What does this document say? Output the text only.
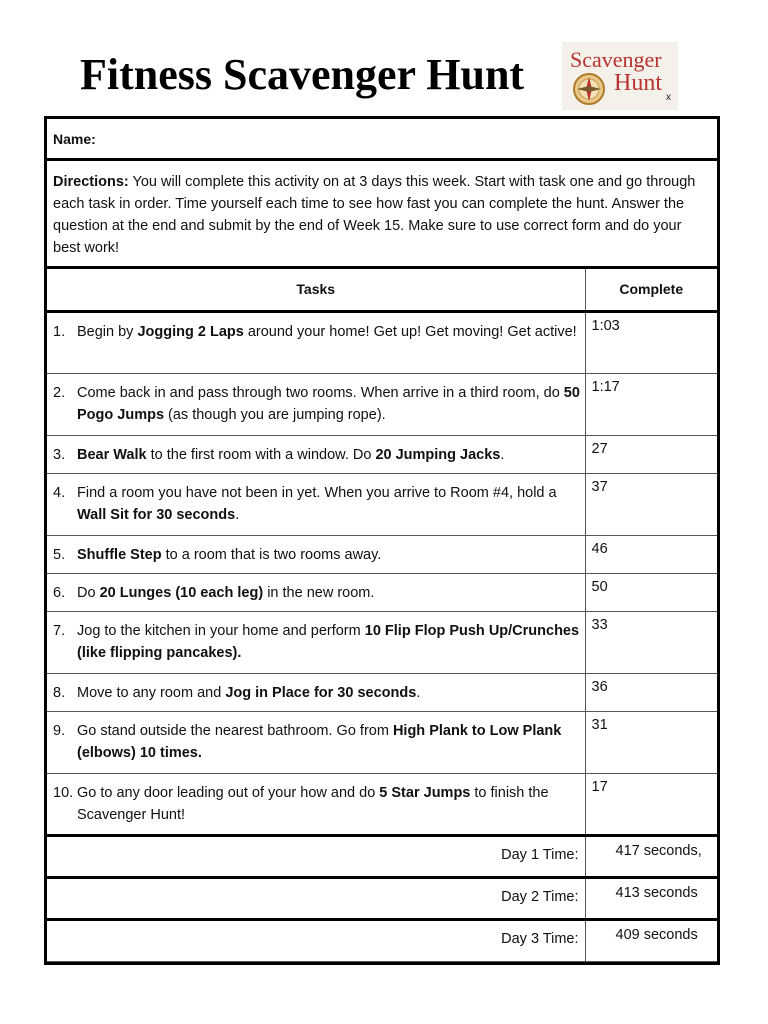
Fitness Scavenger Hunt Scavenger
Hunt
x
Name:
Directions: You will complete this activity on at 3 days this week. Start with task one and go through each task in order. Time yourself each time to see how fast you can complete the hunt. Answer the question at the end and submit by the end of Week 15. Make sure to use correct form and do your best work!
Tasks	Complete

1. Begin by Jogging 2 Laps around your home! Get up! Get moving! Get active!	1:03

2. Come back in and pass through two rooms. When arrive in a third room, do 50 Pogo Jumps (as though you are jumping rope).	1:17

3. Bear Walk to the first room with a window. Do 20 Jumping Jacks.	27

4. Find a room you have not been in yet. When you arrive to Room #4, hold a Wall Sit for 30 seconds.	37

5. Shuffle Step to a room that is two rooms away.	46

6. Do 20 Lunges (10 each leg) in the new room.	50

7. Jog to the kitchen in your home and perform 10 Flip Flop Push Up/Crunches (like flipping pancakes).	33

8. Move to any room and Jog in Place for 30 seconds.	36

9. Go stand outside the nearest bathroom. Go from High Plank to Low Plank (elbows) 10 times.	31

10. Go to any door leading out of your how and do 5 Star Jumps to finish the Scavenger Hunt!	17
Day 1 Time:	417 seconds,
Day 2 Time:	413 seconds
Day 3 Time:	409 seconds
